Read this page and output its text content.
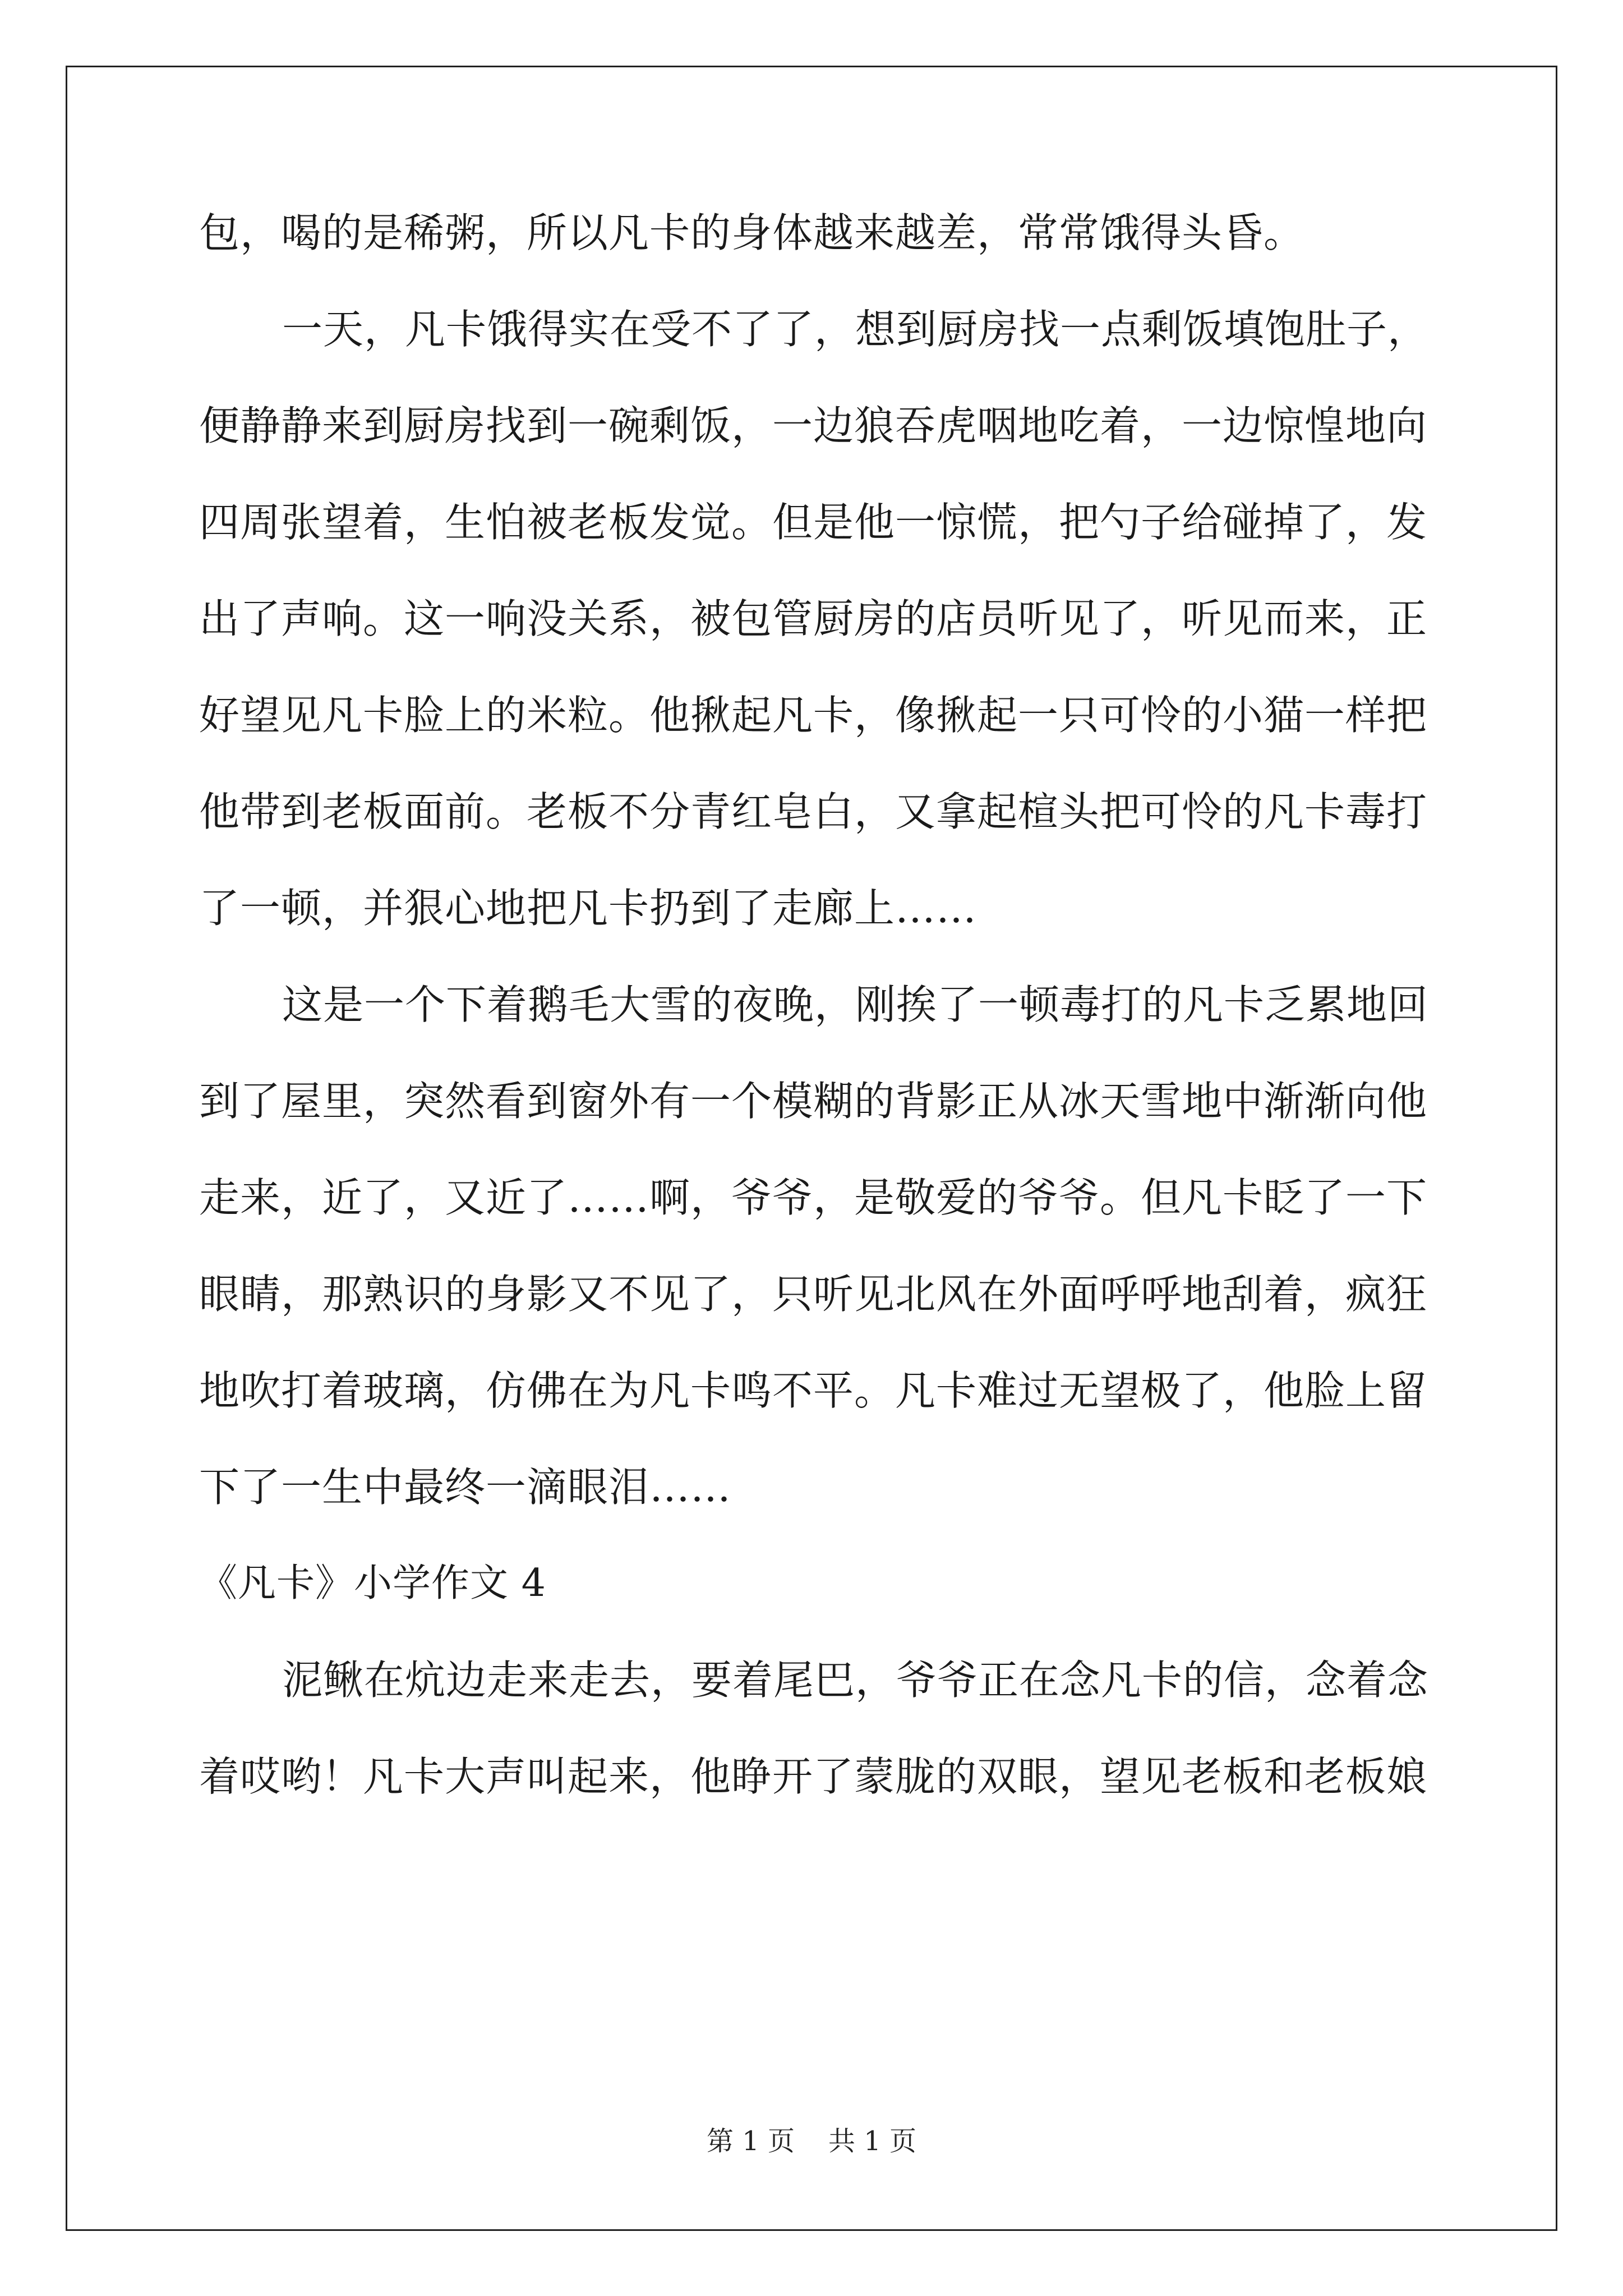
包，喝的是稀粥，所以凡卡的身体越来越差，常常饿得头昏。
一天，凡卡饿得实在受不了了，想到厨房找一点剩饭填饱肚子，
便静静来到厨房找到一碗剩饭，一边狼吞虎咽地吃着，一边惊惶地向
四周张望着，生怕被老板发觉。但是他一惊慌，把勺子给碰掉了，发
出了声响。这一响没关系，被包管厨房的店员听见了，听见而来，正
好望见凡卡脸上的米粒。他揪起凡卡，像揪起一只可怜的小猫一样把
他带到老板面前。老板不分青红皂白，又拿起楦头把可怜的凡卡毒打
了一顿，并狠心地把凡卡扔到了走廊上……
这是一个下着鹅毛大雪的夜晚，刚挨了一顿毒打的凡卡乏累地回
到了屋里，突然看到窗外有一个模糊的背影正从冰天雪地中渐渐向他
走来，近了，又近了……啊，爷爷，是敬爱的爷爷。但凡卡眨了一下
眼睛，那熟识的身影又不见了，只听见北风在外面呼呼地刮着，疯狂
地吹打着玻璃，仿佛在为凡卡鸣不平。凡卡难过无望极了，他脸上留
下了一生中最终一滴眼泪……
《凡卡》小学作文 4
泥鳅在炕边走来走去，要着尾巴，爷爷正在念凡卡的信，念着念
着哎哟！凡卡大声叫起来，他睁开了蒙胧的双眼，望见老板和老板娘
第 1 页 共 1 页
